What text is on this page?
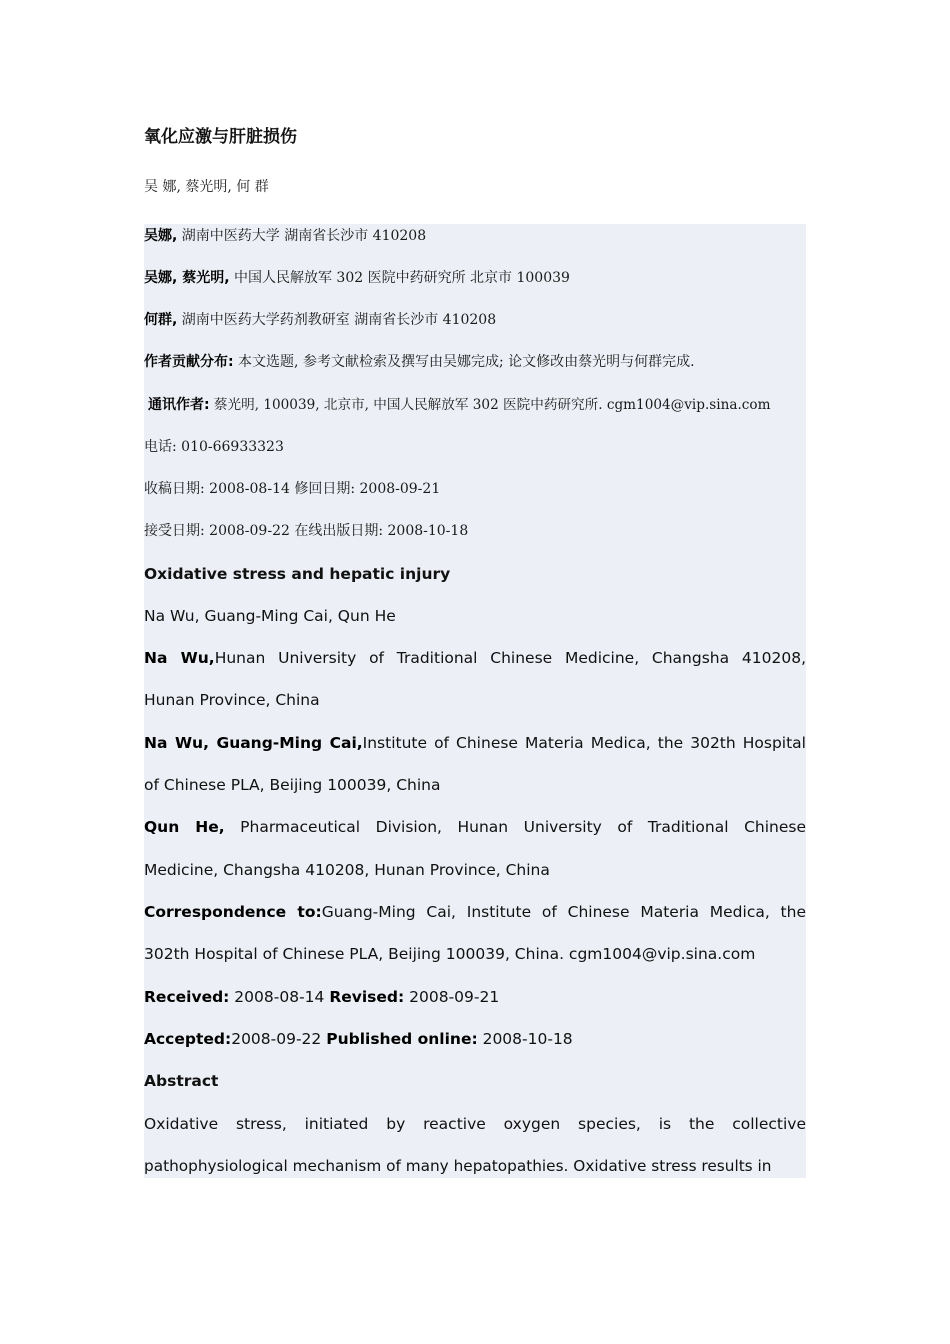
氧化应激与肝脏损伤

吴 娜, 蔡光明, 何 群

吴娜, 湖南中医药大学 湖南省长沙市 410208
吴娜, 蔡光明, 中国人民解放军 302 医院中药研究所 北京市 100039
何群, 湖南中医药大学药剂教研室 湖南省长沙市 410208
作者贡献分布: 本文选题, 参考文献检索及撰写由吴娜完成; 论文修改由蔡光明与何群完成.
通讯作者: 蔡光明, 100039, 北京市, 中国人民解放军 302 医院中药研究所. cgm1004@vip.sina.com
电话: 010-66933323
收稿日期: 2008-08-14 修回日期: 2008-09-21
接受日期: 2008-09-22 在线出版日期: 2008-10-18
Oxidative stress and hepatic injury
Na Wu, Guang-Ming Cai, Qun He
Na Wu,Hunan University of Traditional Chinese Medicine, Changsha 410208,
Hunan Province, China
Na Wu, Guang-Ming Cai,Institute of Chinese Materia Medica, the 302th Hospital
of Chinese PLA, Beijing 100039, China
Qun He, Pharmaceutical Division, Hunan University of Traditional Chinese
Medicine, Changsha 410208, Hunan Province, China
Correspondence to:Guang-Ming Cai, Institute of Chinese Materia Medica, the
302th Hospital of Chinese PLA, Beijing 100039, China. cgm1004@vip.sina.com
Received: 2008-08-14 Revised: 2008-09-21
Accepted:2008-09-22 Published online: 2008-10-18
Abstract
Oxidative stress, initiated by reactive oxygen species, is the collective
pathophysiological mechanism of many hepatopathies. Oxidative stress results in
